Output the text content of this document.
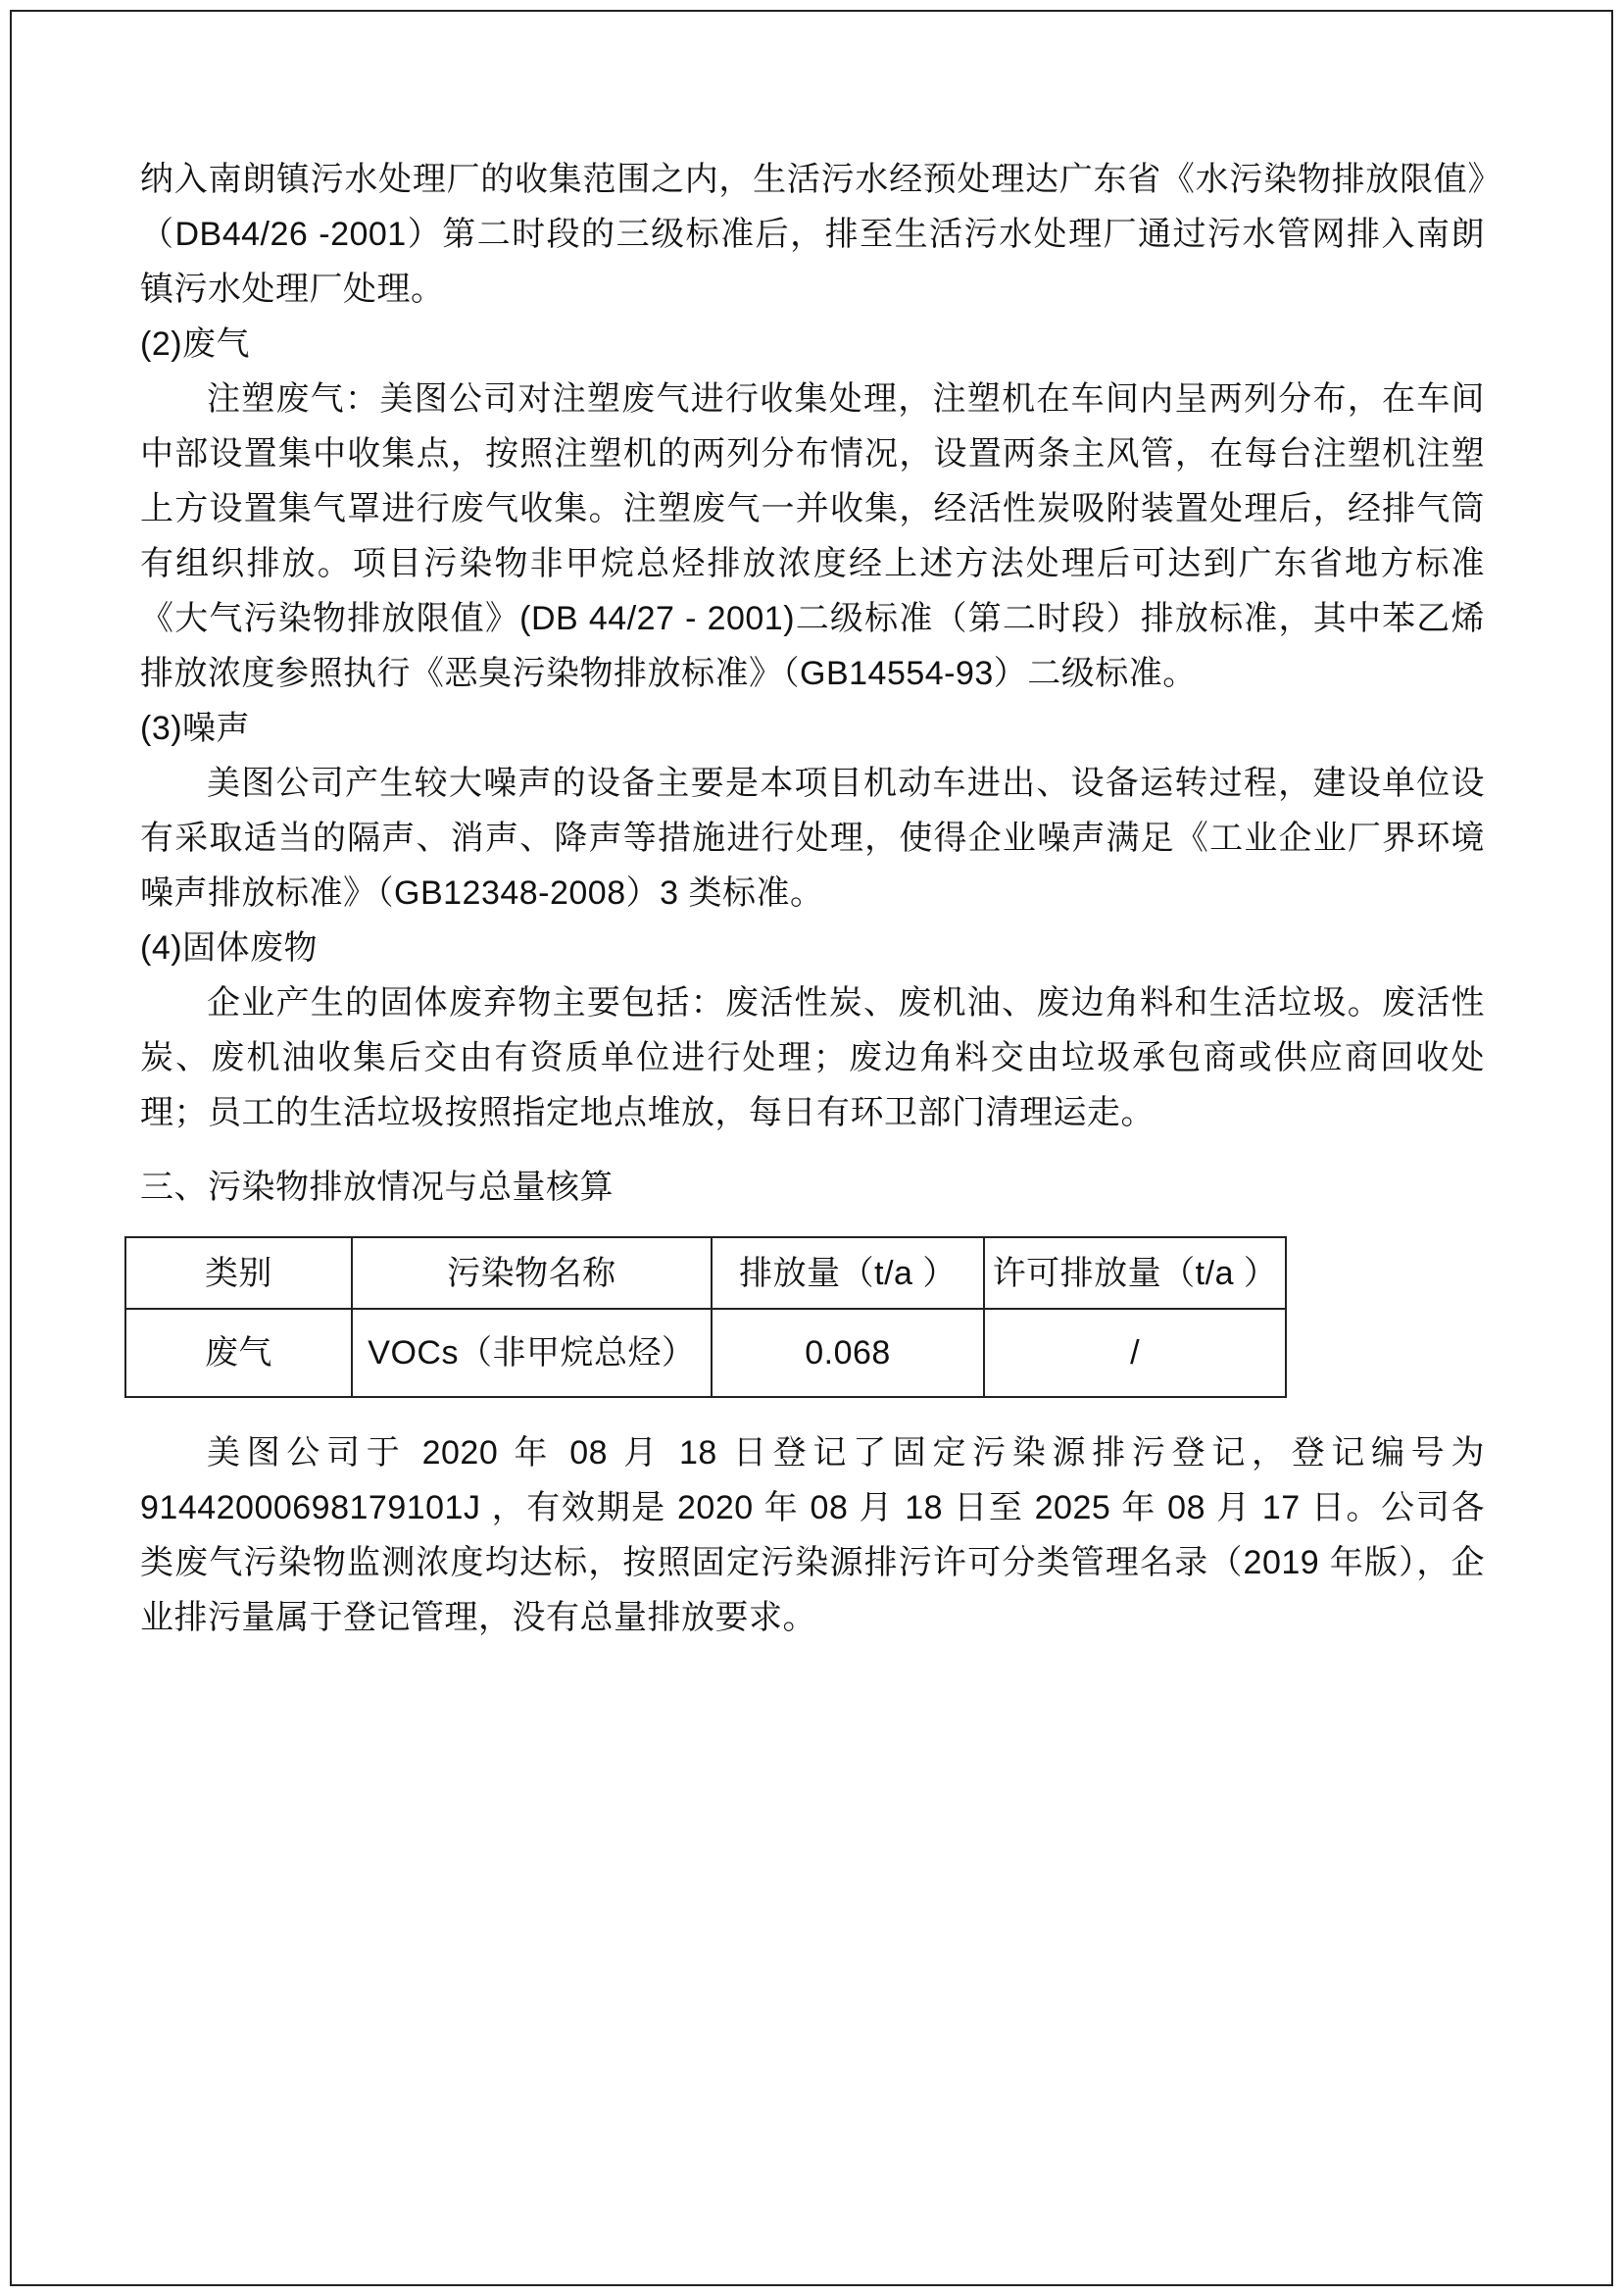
纳入南朗镇污水处理厂的收集范围之内，生活污水经预处理达广东省《水污染物排放限值》（DB44/26 -2001）第二时段的三级标准后，排至生活污水处理厂通过污水管网排入南朗镇污水处理厂处理。

(2)废气

注塑废气：美图公司对注塑废气进行收集处理，注塑机在车间内呈两列分布，在车间中部设置集中收集点，按照注塑机的两列分布情况，设置两条主风管，在每台注塑机注塑上方设置集气罩进行废气收集。注塑废气一并收集，经活性炭吸附装置处理后，经排气筒有组织排放。项目污染物非甲烷总烃排放浓度经上述方法处理后可达到广东省地方标准《大气污染物排放限值》(DB 44/27 - 2001)二级标准（第二时段）排放标准，其中苯乙烯排放浓度参照执行《恶臭污染物排放标准》（GB14554-93）二级标准。

(3)噪声

美图公司产生较大噪声的设备主要是本项目机动车进出、设备运转过程，建设单位设有采取适当的隔声、消声、降声等措施进行处理，使得企业噪声满足《工业企业厂界环境噪声排放标准》（GB12348-2008）3 类标准。

(4)固体废物

企业产生的固体废弃物主要包括：废活性炭、废机油、废边角料和生活垃圾。废活性炭、废机油收集后交由有资质单位进行处理；废边角料交由垃圾承包商或供应商回收处理；员工的生活垃圾按照指定地点堆放，每日有环卫部门清理运走。

三、污染物排放情况与总量核算

类别	污染物名称	排放量（t/a ）	许可排放量（t/a ）
废气	VOCs（非甲烷总烃）	0.068	/

美图公司于 2020 年 08 月 18 日登记了固定污染源排污登记，登记编号为 91442000698179101J ，有效期是 2020 年 08 月 18 日至 2025 年 08 月 17 日。公司各类废气污染物监测浓度均达标，按照固定污染源排污许可分类管理名录（2019 年版），企业排污量属于登记管理，没有总量排放要求。
